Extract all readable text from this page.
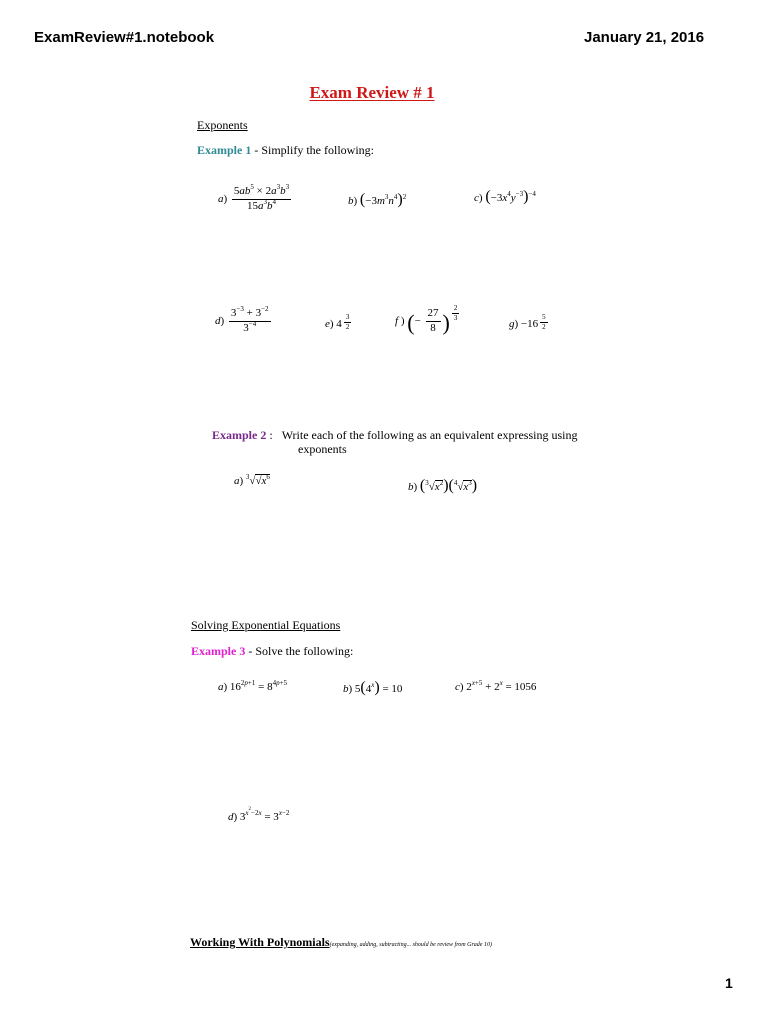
ExamReview#1.notebook	January 21, 2016
Exam Review # 1
Exponents
Example 1 - Simplify the following:
$a) \frac{5ab^5 \times 2a^3b^3}{15a^3b^4}$	b) $(-3m^3n^4)^2$	c) $(-3x^4y^{-3})^{-4}$
$d) \frac{3^{-3} + 3^{-2}}{3^{-4}}$	e) $4 \frac{3}{2}$	f ) (− $\frac{27}{8}$ ) $\frac{2}{3}$
$g) -16 \frac{5}{2}$
Example 2 : Write each of the following as an equivalent expressing using
exponents
a) $^3√√x^6$
b) $(^3√x^2)(^4√x^3)$
Solving Exponential Equations
Example 3 - Solve the following:
a) $16^{2p+1} = 8^{4p+5}$	b) $5(4^x) = 10$	c) $2^{x+5} + 2^x = 1056$
d) $3^{x^2-2x} = 3^{x-2}$
Working With Polynomials(expanding, adding, subtracting... should be review from Grade 10)
1
